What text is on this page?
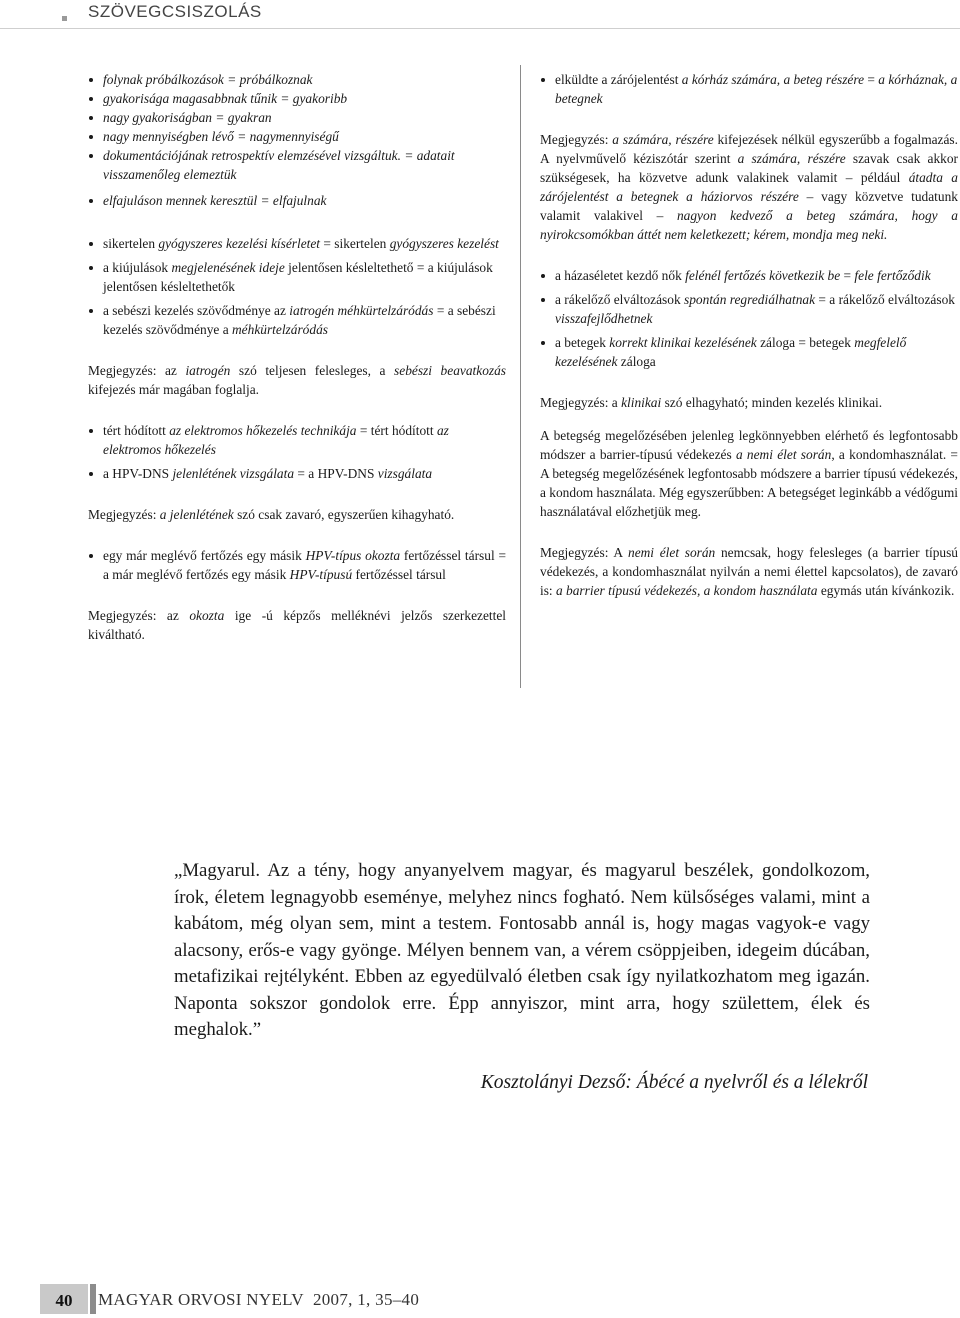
SZÖVEGCSISZOLÁS
folynak próbálkozások = próbálkoznak
gyakorisága magasabbnak tűnik = gyakoribb
nagy gyakoriságban = gyakran
nagy mennyiségben lévő = nagymennyiségű
dokumentációjának retrospektív elemzésével vizsgáltuk. = adatait visszamenőleg elemeztük
elfajuláson mennek keresztül = elfajulnak
sikertelen gyógyszeres kezelési kísérletet = sikertelen gyógyszeres kezelést
a kiújulások megjelenésének ideje jelentősen késleltethető = a kiújulások jelentősen késleltethetők
a sebészi kezelés szövődménye az iatrogén méhkürtelzáródás = a sebészi kezelés szövődménye a méhkürtelzáródás

Megjegyzés: az iatrogén szó teljesen felesleges, a sebészi beavatkozás kifejezés már magában foglalja.

tért hódított az elektromos hőkezelés technikája = tért hódított az elektromos hőkezelés
a HPV-DNS jelenlétének vizsgálata = a HPV-DNS vizsgálata

Megjegyzés: a jelenlétének szó csak zavaró, egyszerűen kihagyható.

egy már meglévő fertőzés egy másik HPV-típus okozta fertőzéssel társul = a már meglévő fertőzés egy másik HPV-típusú fertőzéssel társul

Megjegyzés: az okozta ige -ú képzős melléknévi jelzős szerkezettel kiváltható.

elküldte a zárójelentést a kórház számára, a beteg részére = a kórháznak, a betegnek

Megjegyzés: a számára, részére kifejezések nélkül egyszerűbb a fogalmazás. A nyelvművelő kéziszótár szerint a számára, részére szavak csak akkor szükségesek, ha közvetve adunk valakinek valamit – például átadta a zárójelentést a betegnek a háziorvos részére – vagy közvetve tudatunk valamit valakivel – nagyon kedvező a beteg számára, hogy a nyirokcsomókban áttét nem keletkezett; kérem, mondja meg neki.

a házaséletet kezdő nők felénél fertőzés következik be = fele fertőződik
a rákelőző elváltozások spontán regrediálhatnak = a rákelőző elváltozások visszafejlődhetnek
a betegek korrekt klinikai kezelésének záloga = betegek megfelelő kezelésének záloga

Megjegyzés: a klinikai szó elhagyható; minden kezelés klinikai.

A betegség megelőzésében jelenleg legkönnyebben elérhető és legfontosabb módszer a barrier-típusú védekezés a nemi élet során, a kondomhasználat. = A betegség megelőzésének legfontosabb módszere a barrier típusú védekezés, a kondom használata. Még egyszerűbben: A betegséget leginkább a védőgumi használatával előzhetjük meg.

Megjegyzés: A nemi élet során nemcsak, hogy felesleges (a barrier típusú védekezés, a kondomhasználat nyilván a nemi élettel kapcsolatos), de zavaró is: a barrier típusú védekezés, a kondom használata egymás után kívánkozik.

„Magyarul. Az a tény, hogy anyanyelvem magyar, és magyarul beszélek, gondolkozom, írok, életem legnagyobb eseménye, melyhez nincs fogható. Nem külsőséges valami, mint a kabátom, még olyan sem, mint a testem. Fontosabb annál is, hogy magas vagyok-e vagy alacsony, erős-e vagy gyönge. Mélyen bennem van, a vérem csöppjeiben, idegeim dúcában, metafizikai rejtélyként. Ebben az egyedülvaló életben csak így nyilatkozhatom meg igazán. Naponta sokszor gondolok erre. Épp annyiszor, mint arra, hogy születtem, élek és meghalok.”

Kosztolányi Dezső: Ábécé a nyelvről és a lélekről
40	MAGYAR ORVOSI NYELV 2007, 1, 35–40
